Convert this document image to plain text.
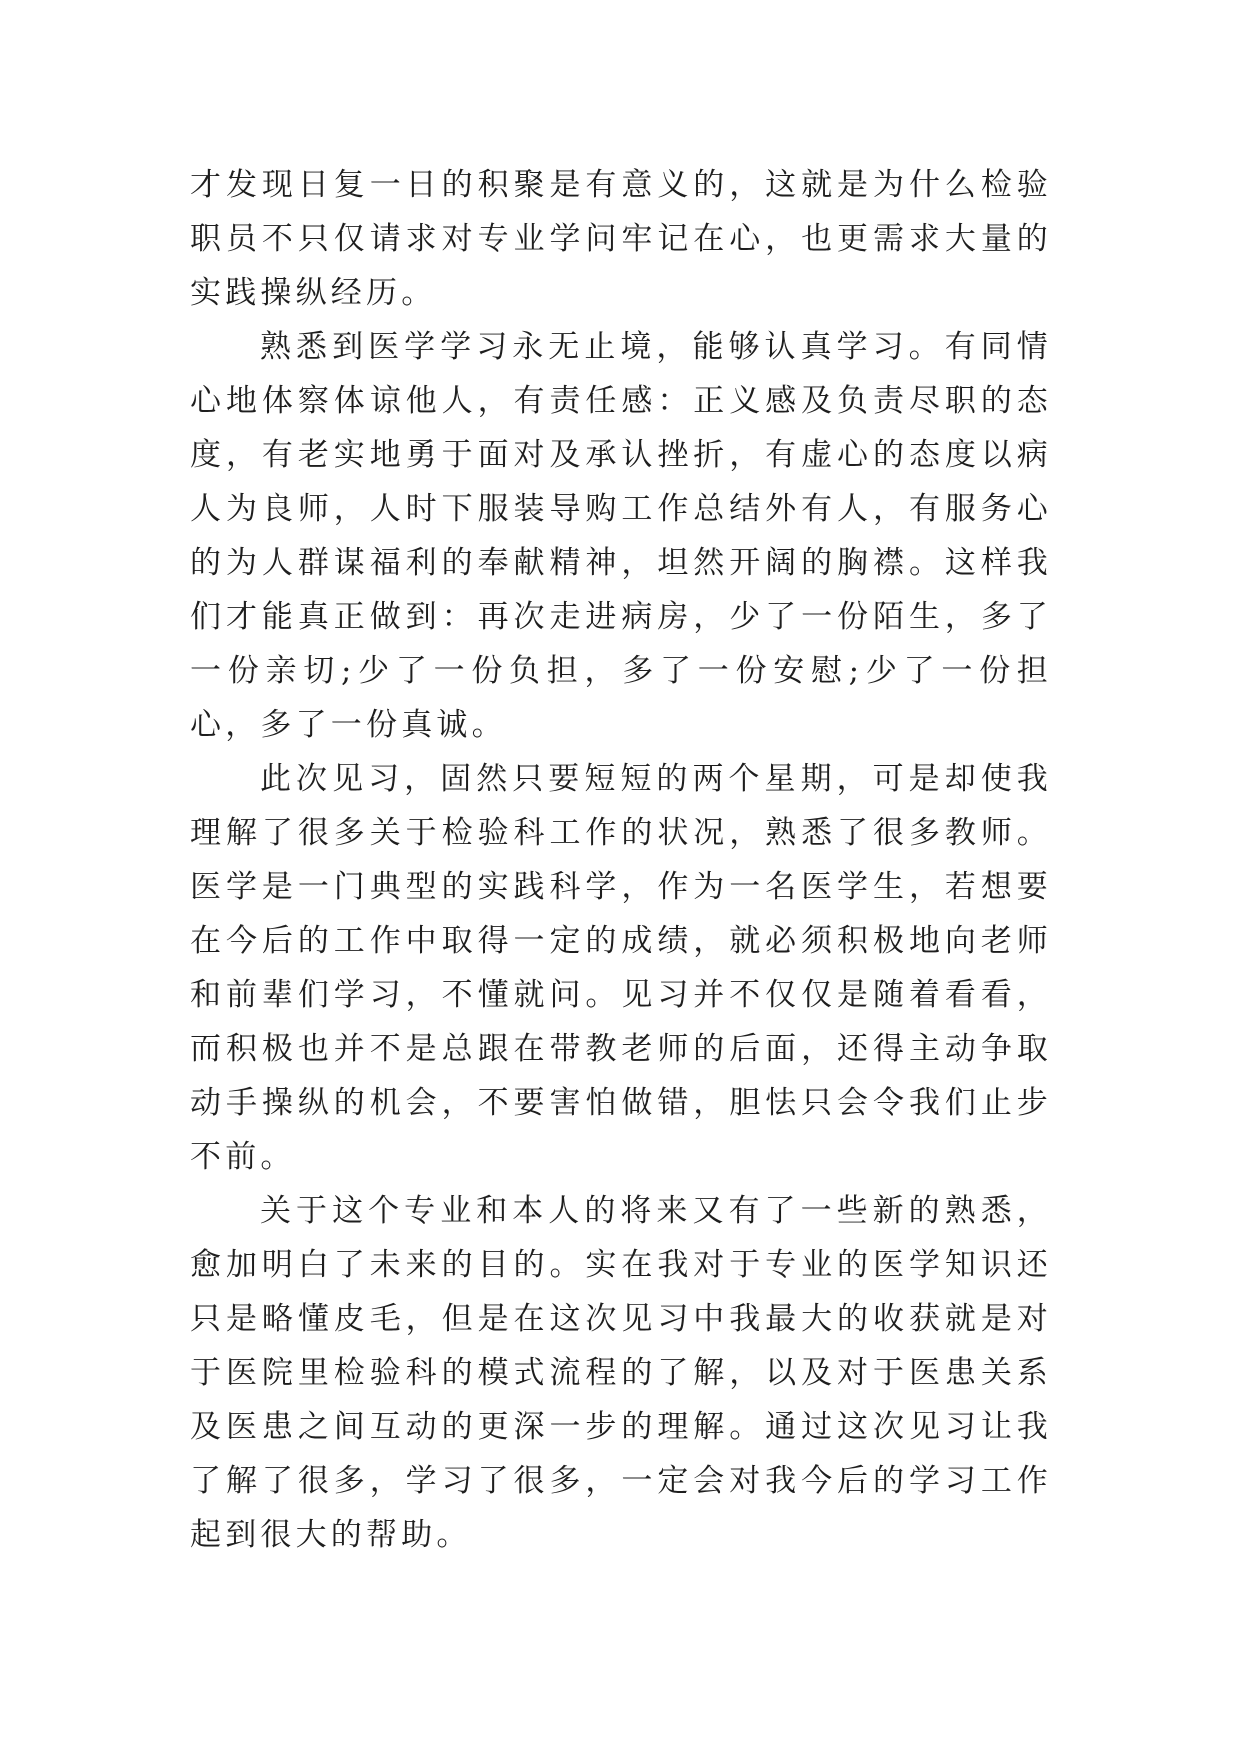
才发现日复一日的积聚是有意义的，这就是为什么检验职员不只仅请求对专业学问牢记在心，也更需求大量的实践操纵经历。

熟悉到医学学习永无止境，能够认真学习。有同情心地体察体谅他人，有责任感：正义感及负责尽职的态度，有老实地勇于面对及承认挫折，有虚心的态度以病人为良师，人时下服装导购工作总结外有人，有服务心的为人群谋福利的奉献精神，坦然开阔的胸襟。这样我们才能真正做到：再次走进病房，少了一份陌生，多了一份亲切;少了一份负担，多了一份安慰;少了一份担心，多了一份真诚。

此次见习，固然只要短短的两个星期，可是却使我理解了很多关于检验科工作的状况，熟悉了很多教师。医学是一门典型的实践科学，作为一名医学生，若想要在今后的工作中取得一定的成绩，就必须积极地向老师和前辈们学习，不懂就问。见习并不仅仅是随着看看，而积极也并不是总跟在带教老师的后面，还得主动争取动手操纵的机会，不要害怕做错，胆怯只会令我们止步不前。

关于这个专业和本人的将来又有了一些新的熟悉，愈加明白了未来的目的。实在我对于专业的医学知识还只是略懂皮毛，但是在这次见习中我最大的收获就是对于医院里检验科的模式流程的了解，以及对于医患关系及医患之间互动的更深一步的理解。通过这次见习让我了解了很多，学习了很多，一定会对我今后的学习工作起到很大的帮助。
